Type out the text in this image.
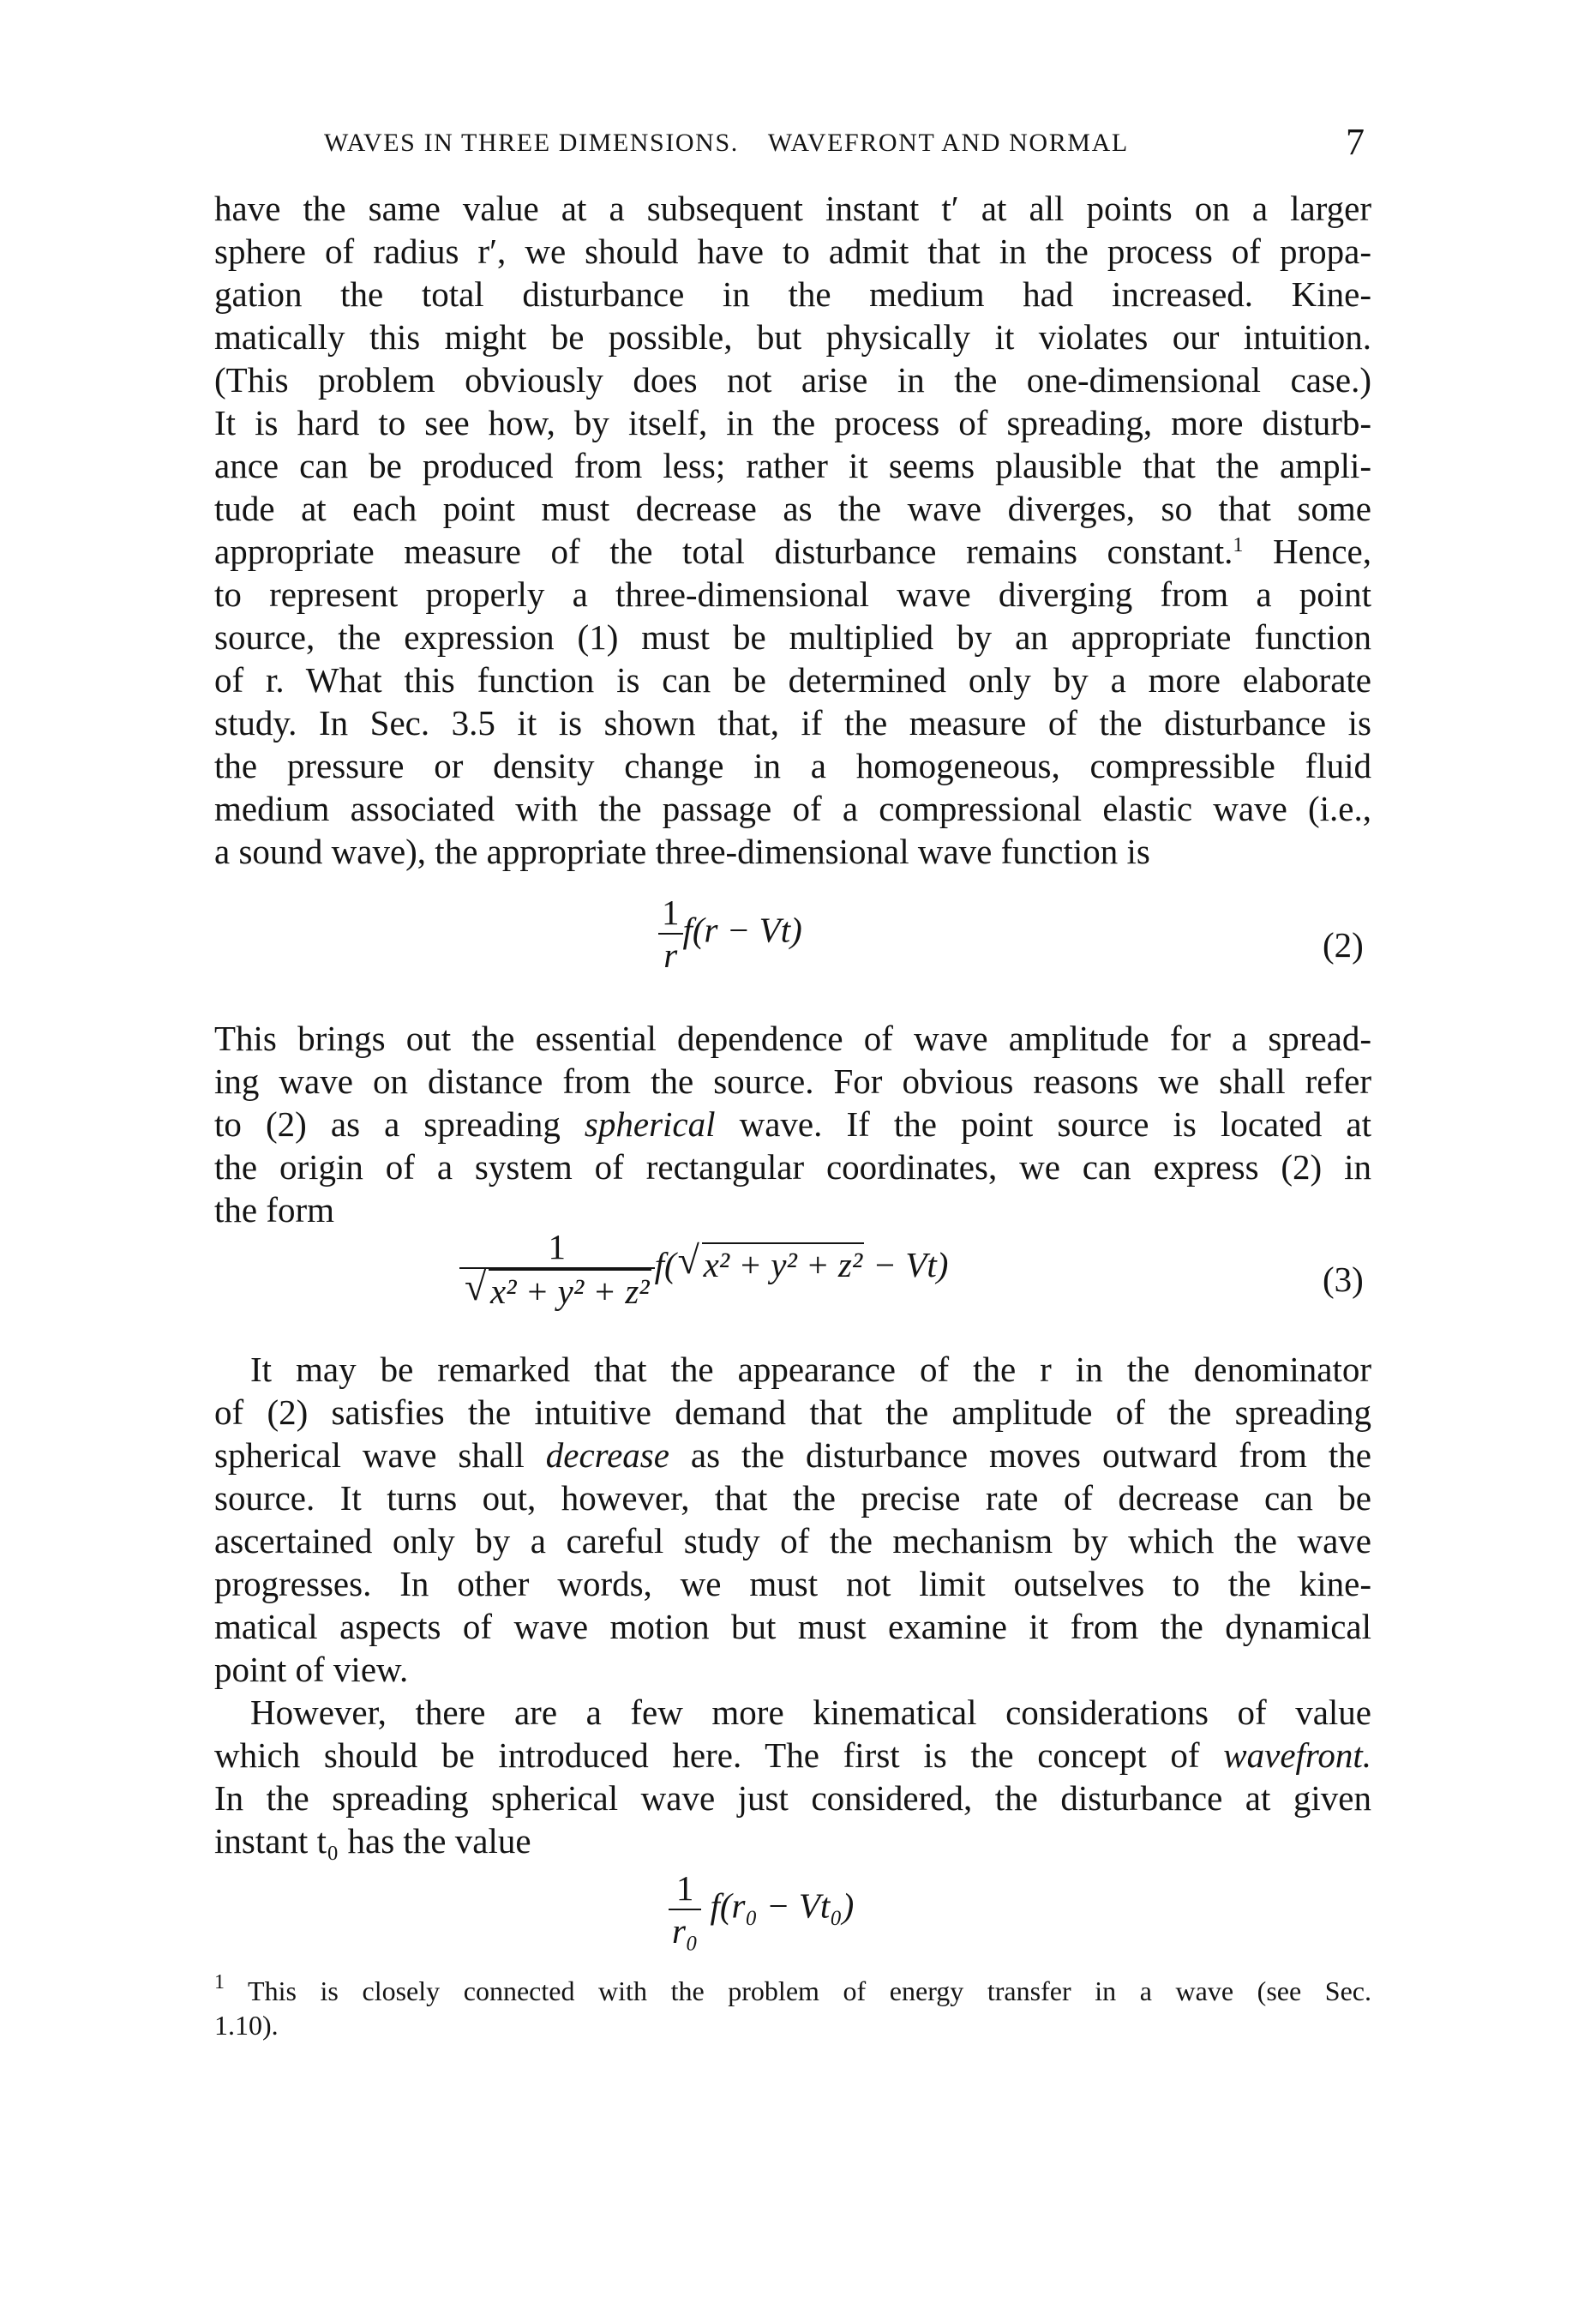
WAVES IN THREE DIMENSIONS. WAVEFRONT AND NORMAL	7
have the same value at a subsequent instant t′ at all points on a larger
sphere of radius r′, we should have to admit that in the process of propa-
gation the total disturbance in the medium had increased. Kine-
matically this might be possible, but physically it violates our intuition.
(This problem obviously does not arise in the one-dimensional case.)
It is hard to see how, by itself, in the process of spreading, more disturb-
ance can be produced from less; rather it seems plausible that the ampli-
tude at each point must decrease as the wave diverges, so that some
appropriate measure of the total disturbance remains constant.$^1$ Hence,
to represent properly a three-dimensional wave diverging from a point
source, the expression (1) must be multiplied by an appropriate function
of r. What this function is can be determined only by a more elaborate
study. In Sec. 3.5 it is shown that, if the measure of the disturbance is
the pressure or density change in a homogeneous, compressible fluid
medium associated with the passage of a compressional elastic wave (i.e.,
a sound wave), the appropriate three-dimensional wave function is
$\frac{1}{r} f(r - Vt)$	(2)
This brings out the essential dependence of wave amplitude for a spread-
ing wave on distance from the source. For obvious reasons we shall refer
to (2) as a spreading spherical wave. If the point source is located at
the origin of a system of rectangular coordinates, we can express (2) in
the form
$\frac{1}{\text{√ x² + y² + z²}} f$( √ x² + y² + z² − Vt)	(3)
It may be remarked that the appearance of the r in the denominator
of (2) satisfies the intuitive demand that the amplitude of the spreading
spherical wave shall decrease as the disturbance moves outward from the
source. It turns out, however, that the precise rate of decrease can be
ascertained only by a careful study of the mechanism by which the wave
progresses. In other words, we must not limit outselves to the kine-
matical aspects of wave motion but must examine it from the dynamical
point of view.
However, there are a few more kinematical considerations of value
which should be introduced here. The first is the concept of wavefront.
In the spreading spherical wave just considered, the disturbance at given
instant t₀ has the value
$\frac{1}{\text{r₀}} f(r_0 - Vt_0)$
$^1$ This is closely connected with the problem of energy transfer in a wave (see Sec.
1.10).
